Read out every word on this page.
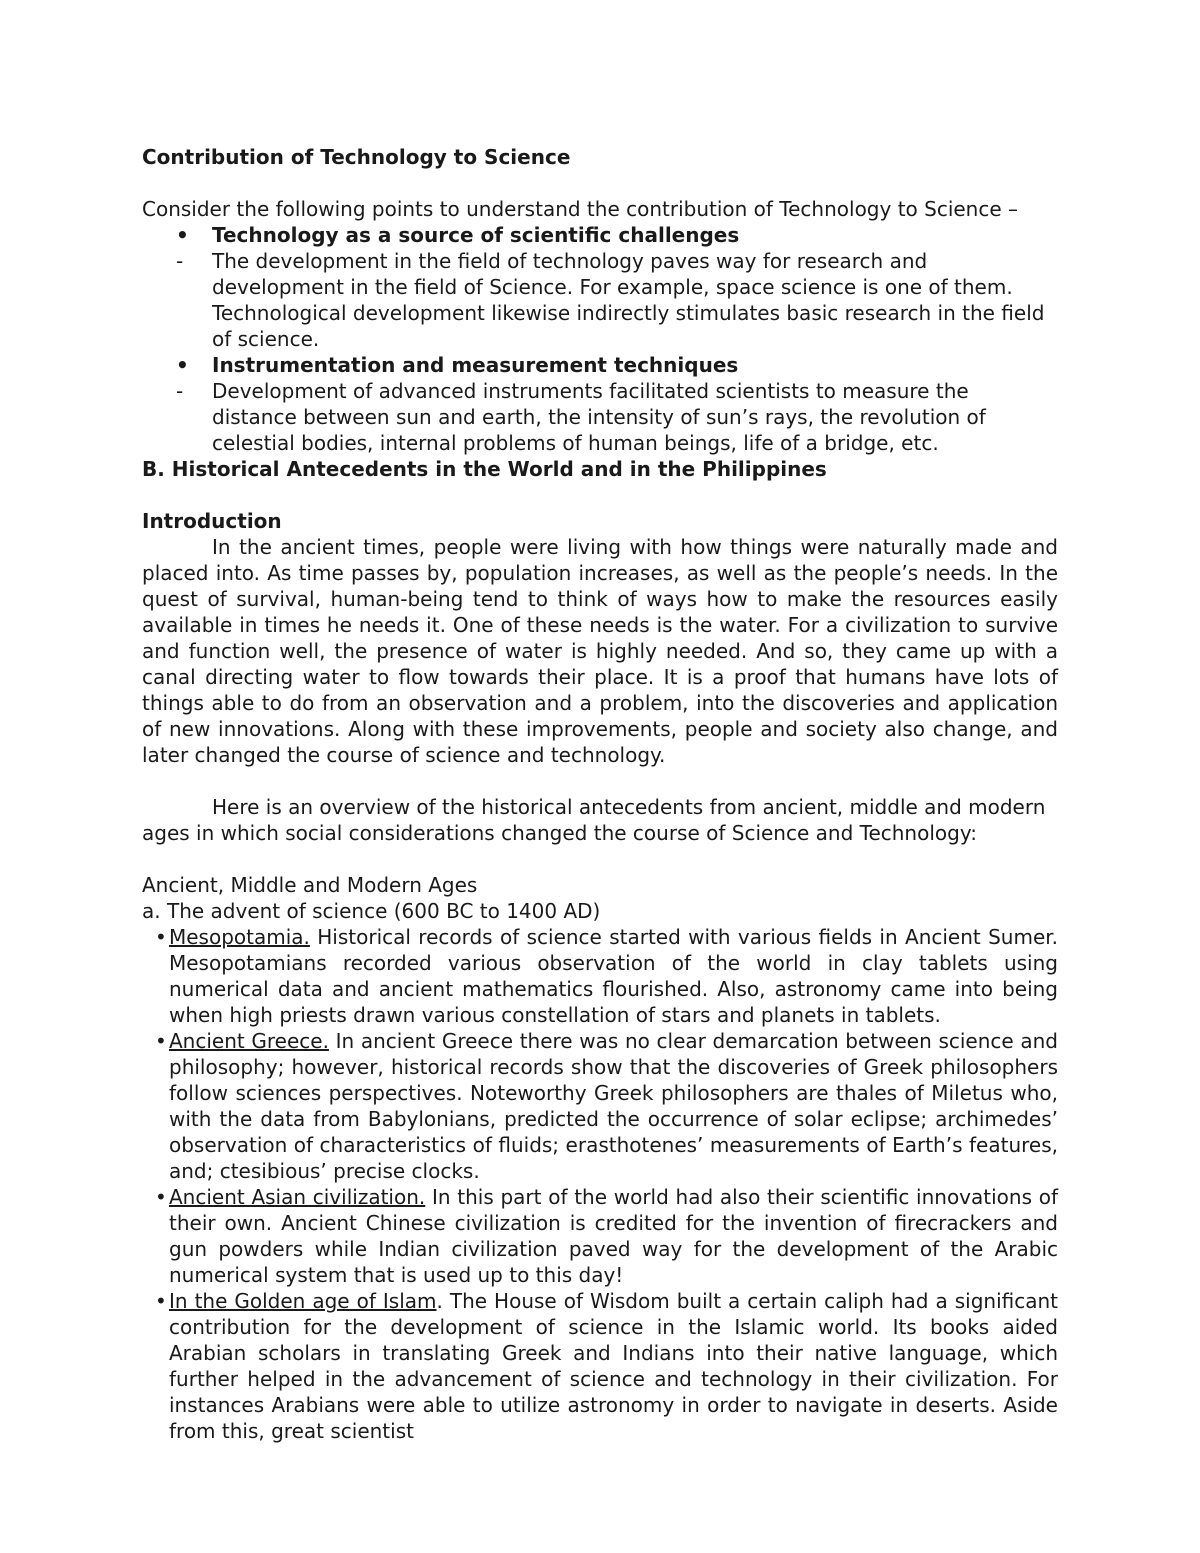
Contribution of Technology to Science

Consider the following points to understand the contribution of Technology to Science –

• Technology as a source of scientific challenges
- The development in the field of technology paves way for research and development in the field of Science. For example, space science is one of them. Technological development likewise indirectly stimulates basic research in the field of science.
• Instrumentation and measurement techniques
- Development of advanced instruments facilitated scientists to measure the distance between sun and earth, the intensity of sun’s rays, the revolution of celestial bodies, internal problems of human beings, life of a bridge, etc.

B. Historical Antecedents in the World and in the Philippines

Introduction

In the ancient times, people were living with how things were naturally made and placed into. As time passes by, population increases, as well as the people’s needs. In the quest of survival, human-being tend to think of ways how to make the resources easily available in times he needs it. One of these needs is the water. For a civilization to survive and function well, the presence of water is highly needed. And so, they came up with a canal directing water to flow towards their place. It is a proof that humans have lots of things able to do from an observation and a problem, into the discoveries and application of new innovations. Along with these improvements, people and society also change, and later changed the course of science and technology.

Here is an overview of the historical antecedents from ancient, middle and modern ages in which social considerations changed the course of Science and Technology:

Ancient, Middle and Modern Ages

a. The advent of science (600 BC to 1400 AD)

• Mesopotamia. Historical records of science started with various fields in Ancient Sumer. Mesopotamians recorded various observation of the world in clay tablets using numerical data and ancient mathematics flourished. Also, astronomy came into being when high priests drawn various constellation of stars and planets in tablets.
• Ancient Greece. In ancient Greece there was no clear demarcation between science and philosophy; however, historical records show that the discoveries of Greek philosophers follow sciences perspectives. Noteworthy Greek philosophers are thales of Miletus who, with the data from Babylonians, predicted the occurrence of solar eclipse; archimedes’ observation of characteristics of fluids; erasthotenes’ measurements of Earth’s features, and; ctesibious’ precise clocks.
• Ancient Asian civilization. In this part of the world had also their scientific innovations of their own. Ancient Chinese civilization is credited for the invention of firecrackers and gun powders while Indian civilization paved way for the development of the Arabic numerical system that is used up to this day!
• In the Golden age of Islam. The House of Wisdom built a certain caliph had a significant contribution for the development of science in the Islamic world. Its books aided Arabian scholars in translating Greek and Indians into their native language, which further helped in the advancement of science and technology in their civilization. For instances Arabians were able to utilize astronomy in order to navigate in deserts. Aside from this, great scientist
